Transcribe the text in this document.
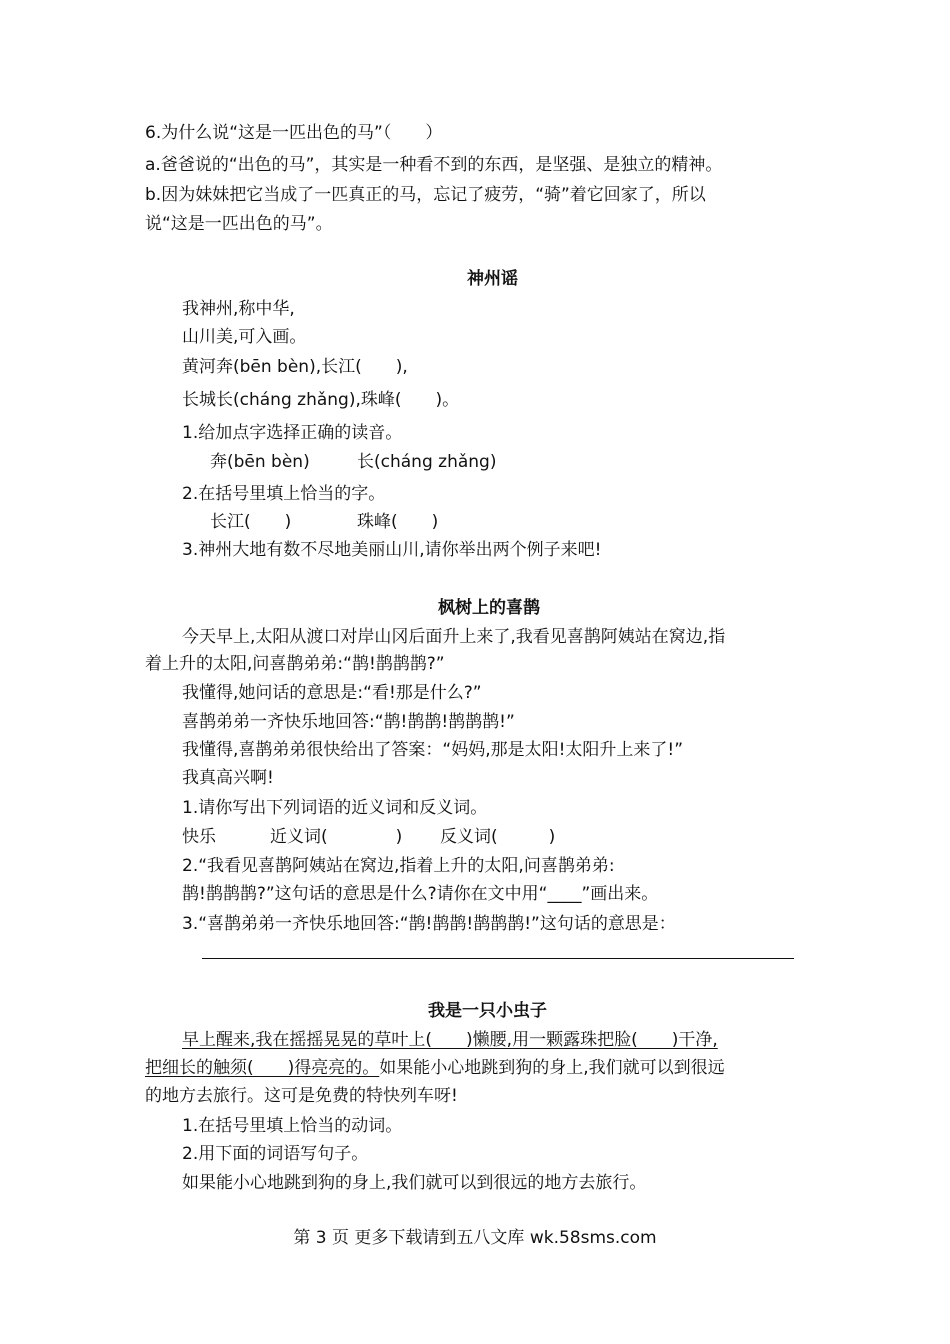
6.为什么说“这是一匹出色的马”（　　）
a.爸爸说的“出色的马”，其实是一种看不到的东西，是坚强、是独立的精神。
b.因为妹妹把它当成了一匹真正的马，忘记了疲劳，“骑”着它回家了，所以
说“这是一匹出色的马”。
神州谣
我神州,称中华,
山川美,可入画。
黄河奔(bēn bèn),长江(　　),
长城长(cháng zhǎng),珠峰(　　)。
1.给加点字选择正确的读音。
奔(bēn bèn)	长(cháng zhǎng)
2.在括号里填上恰当的字。
长江(　　)	珠峰(　　)
3.神州大地有数不尽地美丽山川,请你举出两个例子来吧!
枫树上的喜鹊
今天早上,太阳从渡口对岸山冈后面升上来了,我看见喜鹊阿姨站在窝边,指
着上升的太阳,问喜鹊弟弟:“鹊!鹊鹊鹊?”
我懂得,她问话的意思是:“看!那是什么?”
喜鹊弟弟一齐快乐地回答:“鹊!鹊鹊!鹊鹊鹊!”
我懂得,喜鹊弟弟很快给出了答案：“妈妈,那是太阳!太阳升上来了!”
我真高兴啊!
1.请你写出下列词语的近义词和反义词。
快乐	近义词(　　　　) 反义词(　　　)
2.“我看见喜鹊阿姨站在窝边,指着上升的太阳,问喜鹊弟弟:
鹊!鹊鹊鹊?”这句话的意思是什么?请你在文中用“____”画出来。
3.“喜鹊弟弟一齐快乐地回答:“鹊!鹊鹊!鹊鹊鹊!”这句话的意思是：
我是一只小虫子
早上醒来,我在摇摇晃晃的草叶上(　　)懒腰,用一颗露珠把脸(　　)干净,
把细长的触须(　　)得亮亮的。如果能小心地跳到狗的身上,我们就可以到很远
的地方去旅行。这可是免费的特快列车呀!
1.在括号里填上恰当的动词。
2.用下面的词语写句子。
如果能小心地跳到狗的身上,我们就可以到很远的地方去旅行。
第 3 页 更多下载请到五八文库 wk.58sms.com
